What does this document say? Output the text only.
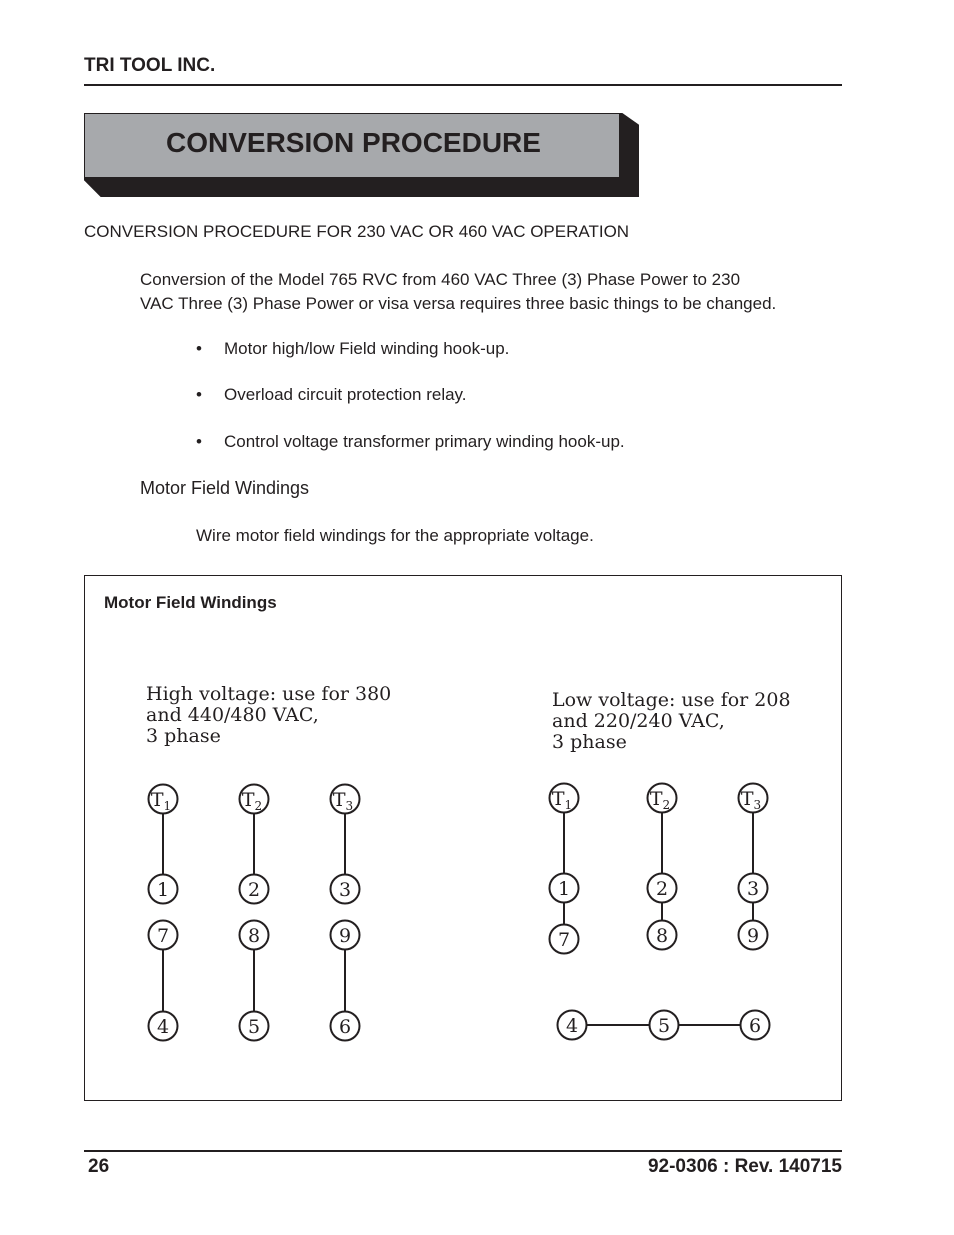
TRI TOOL INC.
CONVERSION PROCEDURE
CONVERSION PROCEDURE FOR 230 VAC OR 460 VAC OPERATION
Conversion of the Model 765 RVC from 460 VAC Three (3) Phase Power to 230
VAC Three (3) Phase Power or visa versa requires three basic things to be changed.
• Motor high/low Field winding hook-up.
• Overload circuit protection relay.
• Control voltage transformer primary winding hook-up.
Motor Field Windings
Wire motor field windings for the appropriate voltage.
Motor Field Windings
High voltage: use for 380
and 440/480 VAC,
3 phase
Low voltage: use for 208
and 220/240 VAC,
3 phase
$T_1$	$T_2$	$T_3$
1	2	3
7	8	9
4	5	6
$T_1$	$T_2$	$T_3$
1	2	3
7	8	9
4	5	6
26	92-0306 : Rev. 140715
